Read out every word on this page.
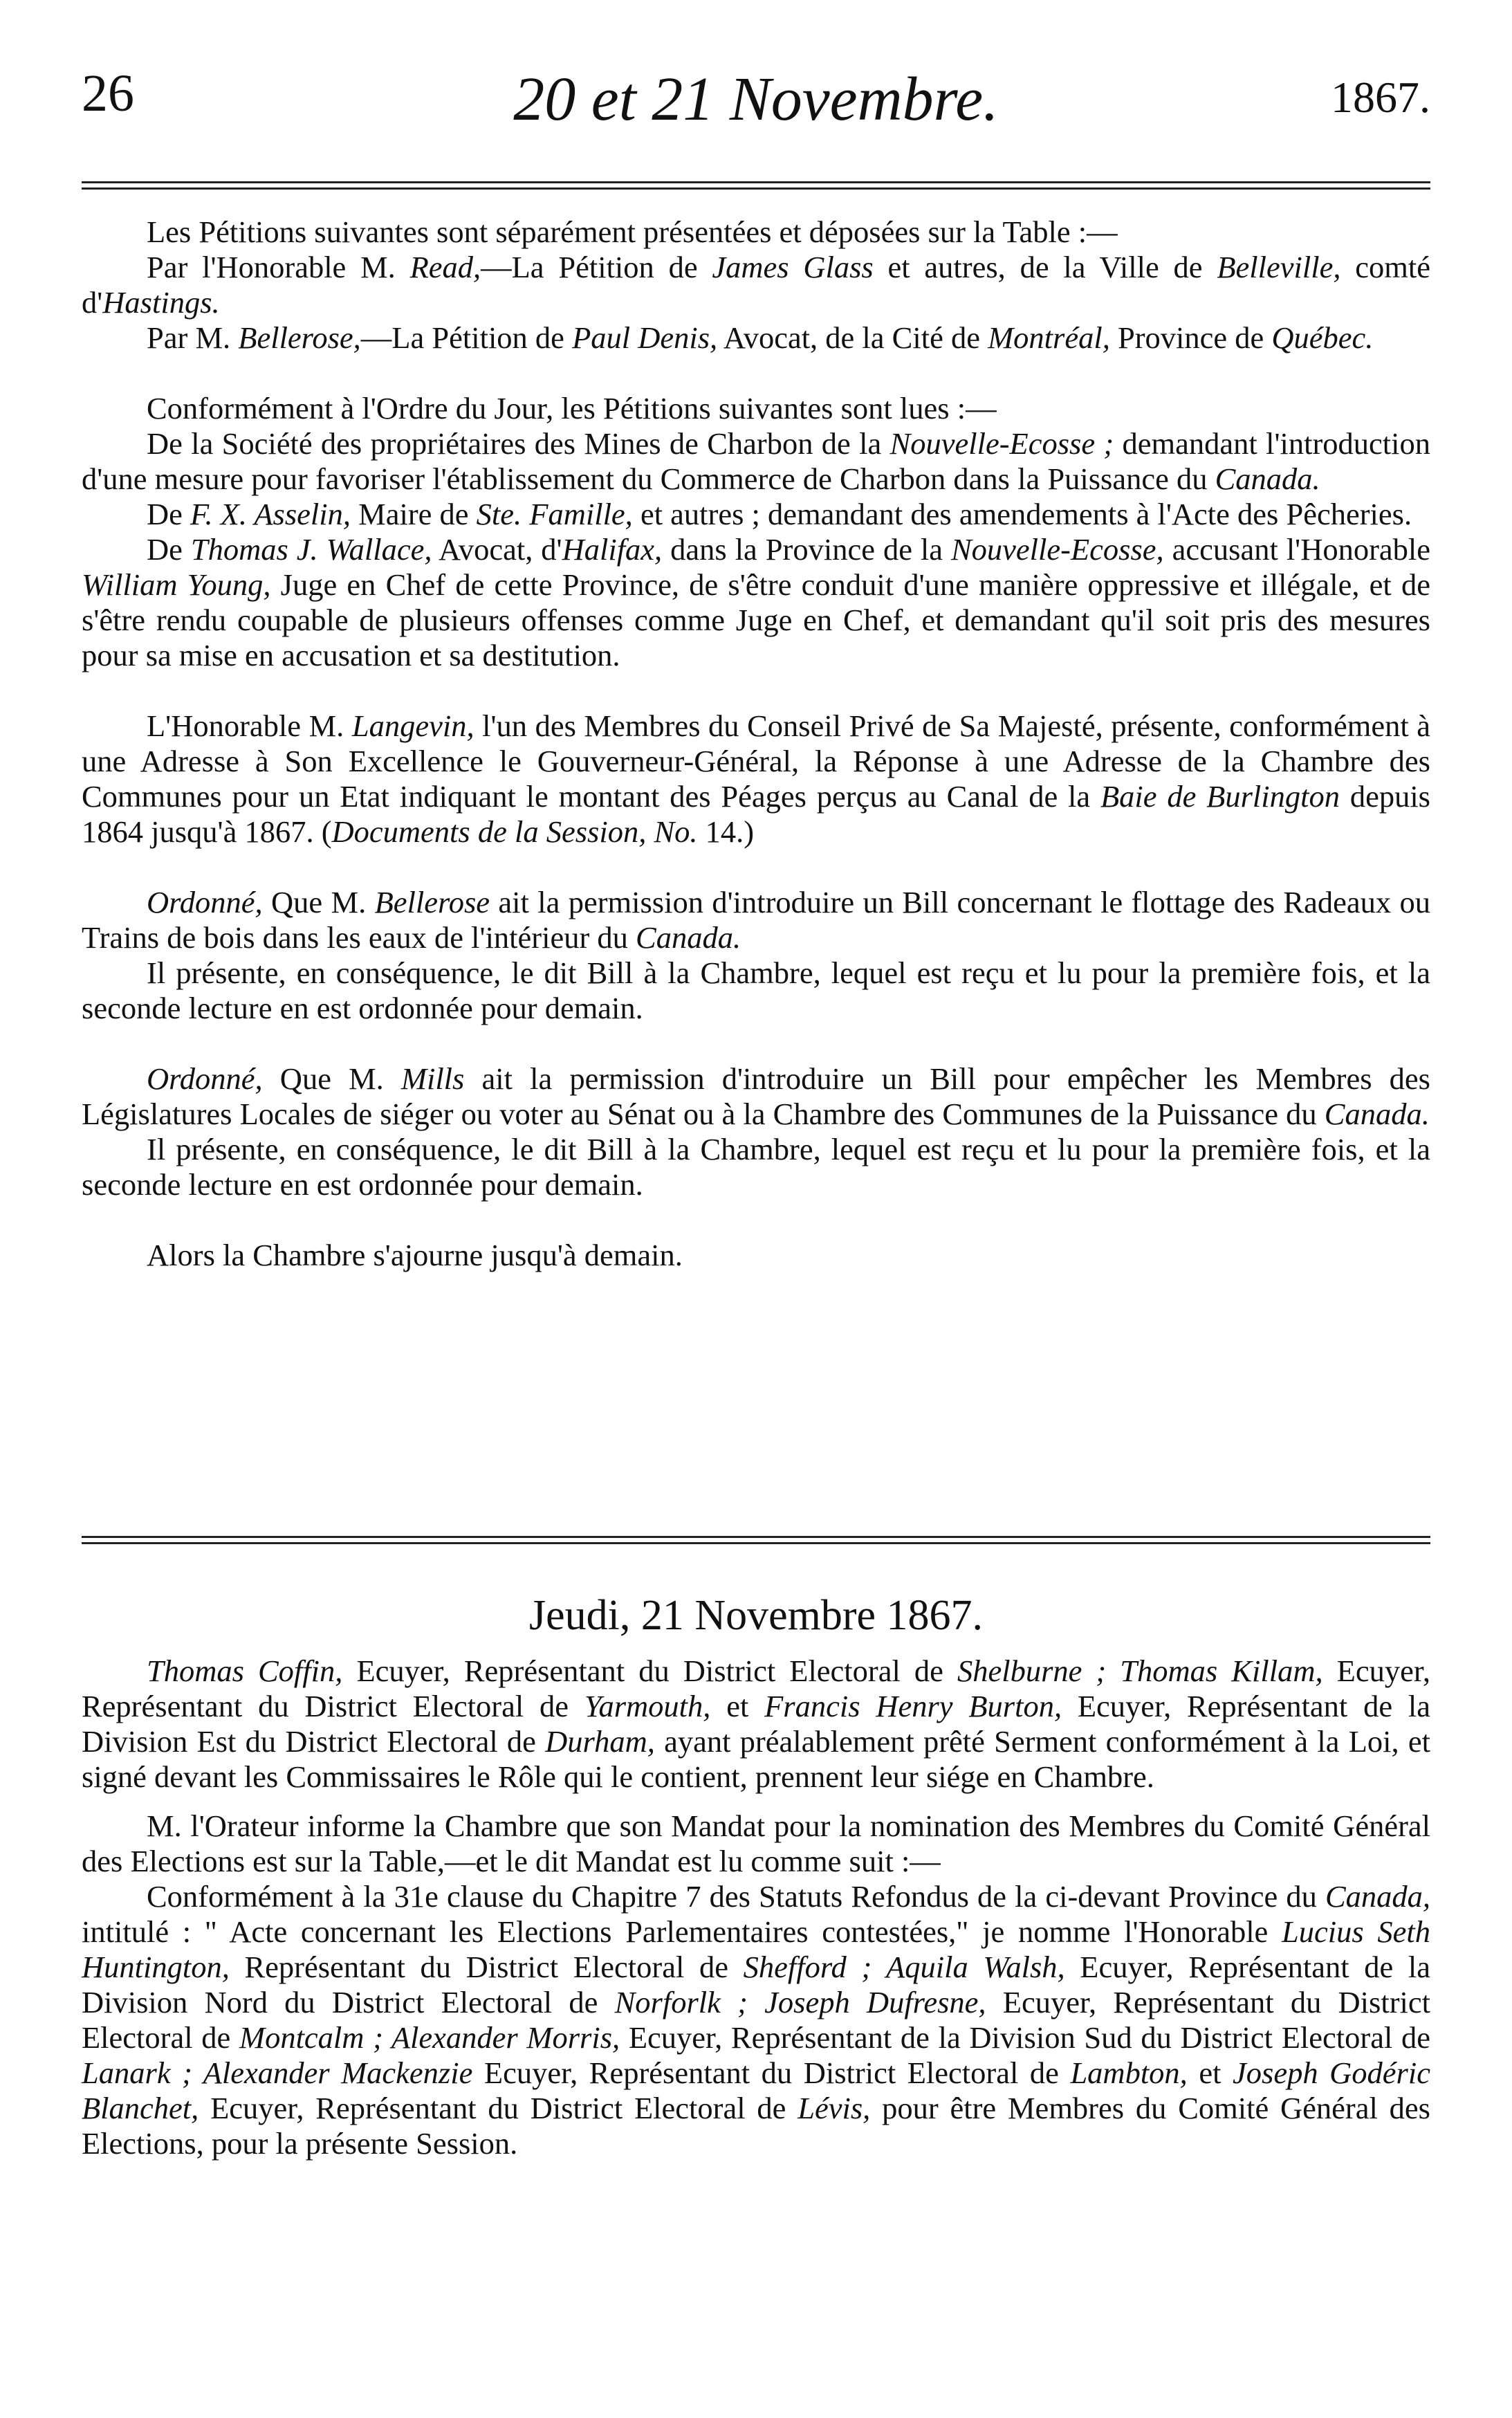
26	20 et 21 Novembre.	1867.

Les Pétitions suivantes sont séparément présentées et déposées sur la Table :—

Par l'Honorable M. Read,—La Pétition de James Glass et autres, de la Ville de Belleville, comté d'Hastings.

Par M. Bellerose,—La Pétition de Paul Denis, Avocat, de la Cité de Montréal, Province de Québec.

Conformément à l'Ordre du Jour, les Pétitions suivantes sont lues :—

De la Société des propriétaires des Mines de Charbon de la Nouvelle-Ecosse ; demandant l'introduction d'une mesure pour favoriser l'établissement du Commerce de Charbon dans la Puissance du Canada.

De F. X. Asselin, Maire de Ste. Famille, et autres ; demandant des amendements à l'Acte des Pêcheries.

De Thomas J. Wallace, Avocat, d'Halifax, dans la Province de la Nouvelle-Ecosse, accusant l'Honorable William Young, Juge en Chef de cette Province, de s'être conduit d'une manière oppressive et illégale, et de s'être rendu coupable de plusieurs offenses comme Juge en Chef, et demandant qu'il soit pris des mesures pour sa mise en accusation et sa destitution.

L'Honorable M. Langevin, l'un des Membres du Conseil Privé de Sa Majesté, présente, conformément à une Adresse à Son Excellence le Gouverneur-Général, la Réponse à une Adresse de la Chambre des Communes pour un Etat indiquant le montant des Péages perçus au Canal de la Baie de Burlington depuis 1864 jusqu'à 1867. (Documents de la Session, No. 14.)

Ordonné, Que M. Bellerose ait la permission d'introduire un Bill concernant le flottage des Radeaux ou Trains de bois dans les eaux de l'intérieur du Canada.

Il présente, en conséquence, le dit Bill à la Chambre, lequel est reçu et lu pour la première fois, et la seconde lecture en est ordonnée pour demain.

Ordonné, Que M. Mills ait la permission d'introduire un Bill pour empêcher les Membres des Législatures Locales de siéger ou voter au Sénat ou à la Chambre des Communes de la Puissance du Canada.

Il présente, en conséquence, le dit Bill à la Chambre, lequel est reçu et lu pour la première fois, et la seconde lecture en est ordonnée pour demain.

Alors la Chambre s'ajourne jusqu'à demain.

Jeudi, 21 Novembre 1867.

Thomas Coffin, Ecuyer, Représentant du District Electoral de Shelburne ; Thomas Killam, Ecuyer, Représentant du District Electoral de Yarmouth, et Francis Henry Burton, Ecuyer, Représentant de la Division Est du District Electoral de Durham, ayant préalablement prêté Serment conformément à la Loi, et signé devant les Commissaires le Rôle qui le contient, prennent leur siége en Chambre.

M. l'Orateur informe la Chambre que son Mandat pour la nomination des Membres du Comité Général des Elections est sur la Table,—et le dit Mandat est lu comme suit :—

Conformément à la 31e clause du Chapitre 7 des Statuts Refondus de la ci-devant Province du Canada, intitulé : " Acte concernant les Elections Parlementaires contestées," je nomme l'Honorable Lucius Seth Huntington, Représentant du District Electoral de Shefford ; Aquila Walsh, Ecuyer, Représentant de la Division Nord du District Electoral de Norforlk ; Joseph Dufresne, Ecuyer, Représentant du District Electoral de Montcalm ; Alexander Morris, Ecuyer, Représentant de la Division Sud du District Electoral de Lanark ; Alexander Mackenzie Ecuyer, Représentant du District Electoral de Lambton, et Joseph Godéric Blanchet, Ecuyer, Représentant du District Electoral de Lévis, pour être Membres du Comité Général des Elections, pour la présente Session.
